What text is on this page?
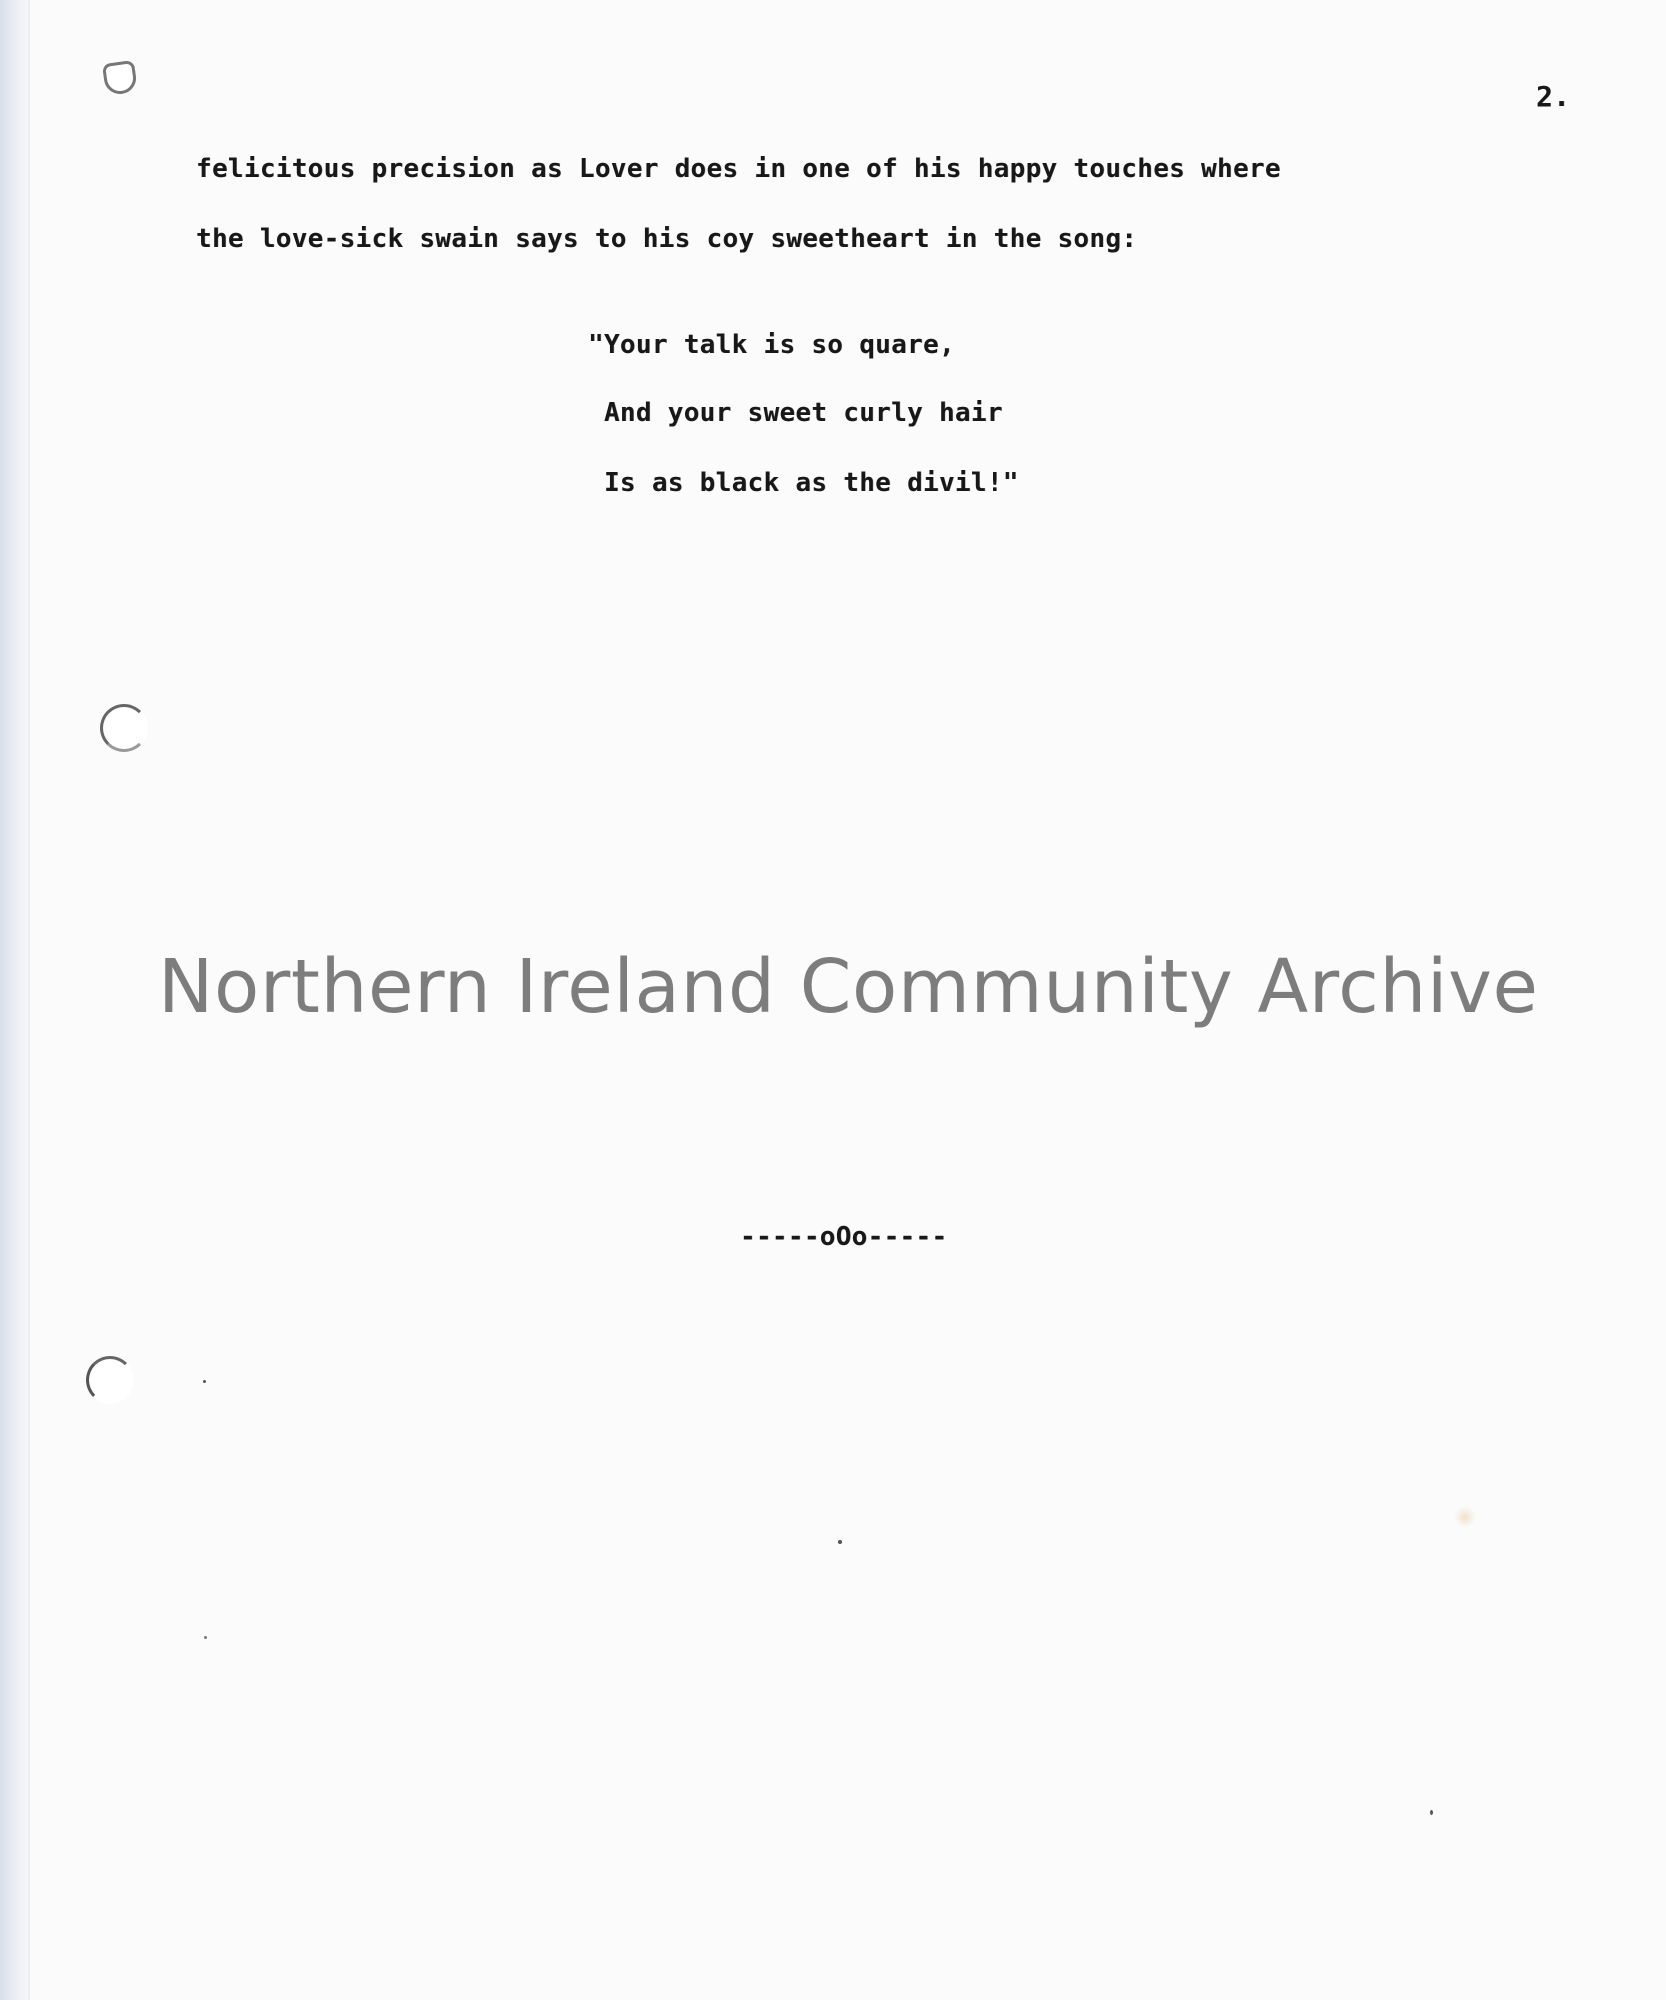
2.

felicitous precision as Lover does in one of his happy touches where

the love-sick swain says to his coy sweetheart in the song:

"Your talk is so quare,

And your sweet curly hair

Is as black as the divil!"

Northern Ireland Community Archive

-----oOo-----
